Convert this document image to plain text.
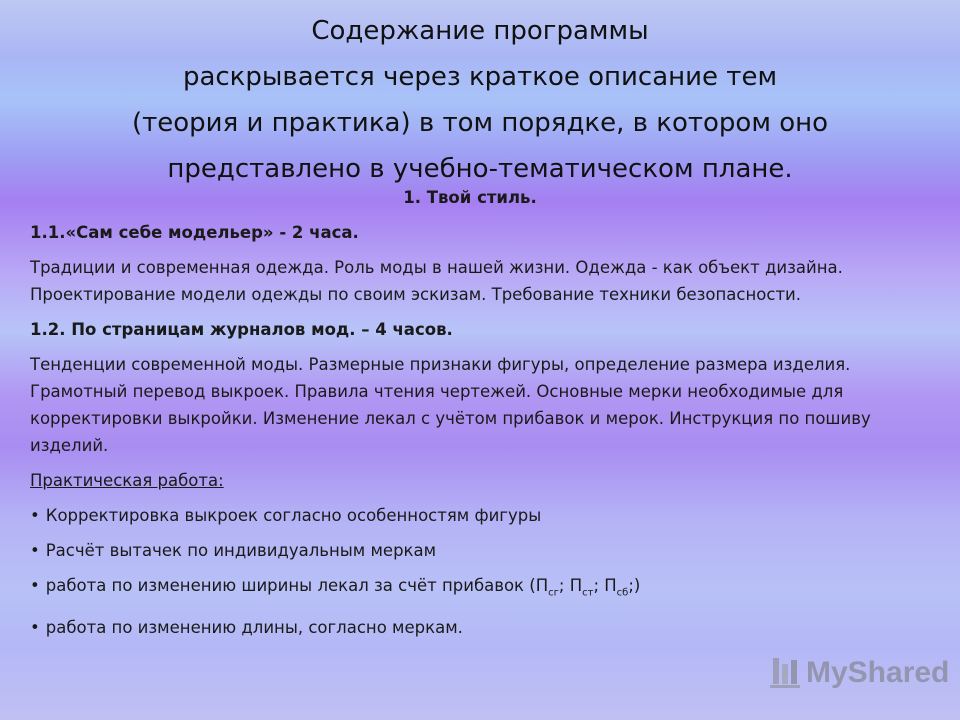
Содержание программы
раскрывается через краткое описание тем
(теория и практика) в том порядке, в котором оно
представлено в учебно-тематическом плане.

1. Твой стиль.

1.1.«Сам себе модельер» - 2 часа.

Традиции и современная одежда. Роль моды в нашей жизни. Одежда - как объект дизайна. Проектирование модели одежды по своим эскизам. Требование техники безопасности.

1.2. По страницам журналов мод. – 4 часов.

Тенденции современной моды. Размерные признаки фигуры, определение размера изделия. Грамотный перевод выкроек. Правила чтения чертежей. Основные мерки необходимые для корректировки выкройки. Изменение лекал с учётом прибавок и мерок. Инструкция по пошиву изделий.

Практическая работа:

• Корректировка выкроек согласно особенностям фигуры

• Расчёт вытачек по индивидуальным меркам

• работа по изменению ширины лекал за счёт прибавок ($П_{сг}$; $П_{ст}$; $П_{сб}$;)

• работа по изменению длины, согласно меркам.

MyShared
